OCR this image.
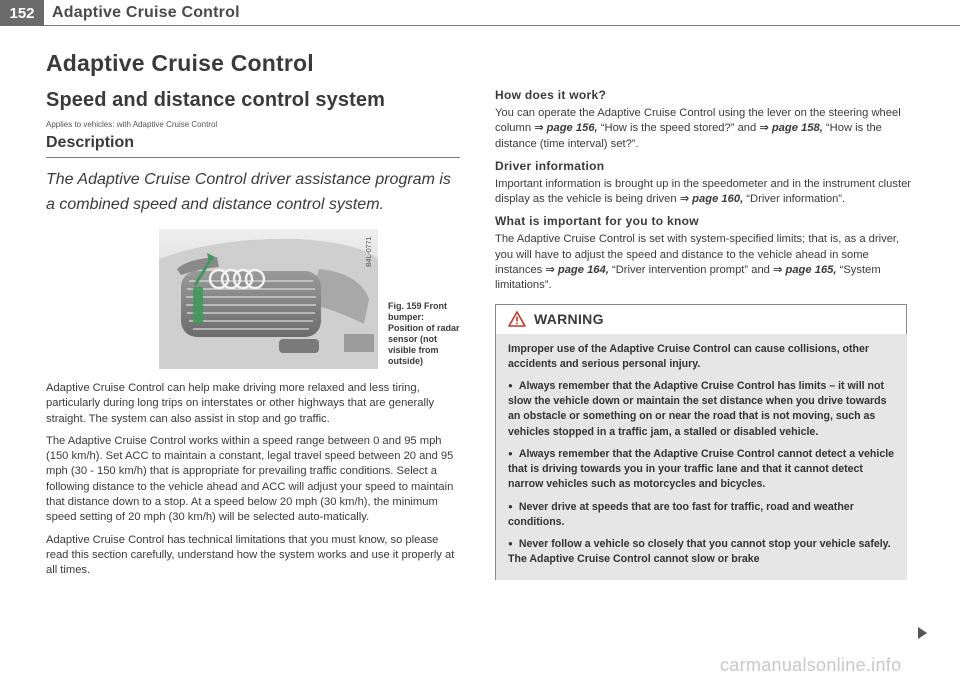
152	Adaptive Cruise Control
Adaptive Cruise Control
Speed and distance control system
Applies to vehicles: with Adaptive Cruise Control
Description

The Adaptive Cruise Control driver assistance program is a combined speed and distance control system.

B4L-0771
Fig. 159 Front bumper: Position of radar sensor (not visible from outside)

Adaptive Cruise Control can help make driving more relaxed and less tiring, particularly during long trips on interstates or other highways that are generally straight. The system can also assist in stop and go traffic.

The Adaptive Cruise Control works within a speed range between 0 and 95 mph (150 km/h). Set ACC to maintain a constant, legal travel speed between 20 and 95 mph (30 - 150 km/h) that is appropriate for prevailing traffic conditions. Select a following distance to the vehicle ahead and ACC will adjust your speed to maintain that distance down to a stop. At a speed below 20 mph (30 km/h), the minimum speed setting of 20 mph (30 km/h) will be selected auto-matically.

Adaptive Cruise Control has technical limitations that you must know, so please read this section carefully, understand how the system works and use it properly at all times.

How does it work?

You can operate the Adaptive Cruise Control using the lever on the steering wheel column ⇒ page 156, “How is the speed stored?” and ⇒ page 158, “How is the distance (time interval) set?”.

Driver information

Important information is brought up in the speedometer and in the instrument cluster display as the vehicle is being driven ⇒ page 160, “Driver information”.

What is important for you to know

The Adaptive Cruise Control is set with system-specified limits; that is, as a driver, you will have to adjust the speed and distance to the vehicle ahead in some instances ⇒ page 164, “Driver intervention prompt” and ⇒ page 165, “System limitations”.

WARNING

Improper use of the Adaptive Cruise Control can cause collisions, other accidents and serious personal injury.

● Always remember that the Adaptive Cruise Control has limits – it will not slow the vehicle down or maintain the set distance when you drive towards an obstacle or something on or near the road that is not moving, such as vehicles stopped in a traffic jam, a stalled or disabled vehicle.

● Always remember that the Adaptive Cruise Control cannot detect a vehicle that is driving towards you in your traffic lane and that it cannot detect narrow vehicles such as motorcycles and bicycles.

● Never drive at speeds that are too fast for traffic, road and weather conditions.

● Never follow a vehicle so closely that you cannot stop your vehicle safely. The Adaptive Cruise Control cannot slow or brake

carmanualsonline.info
